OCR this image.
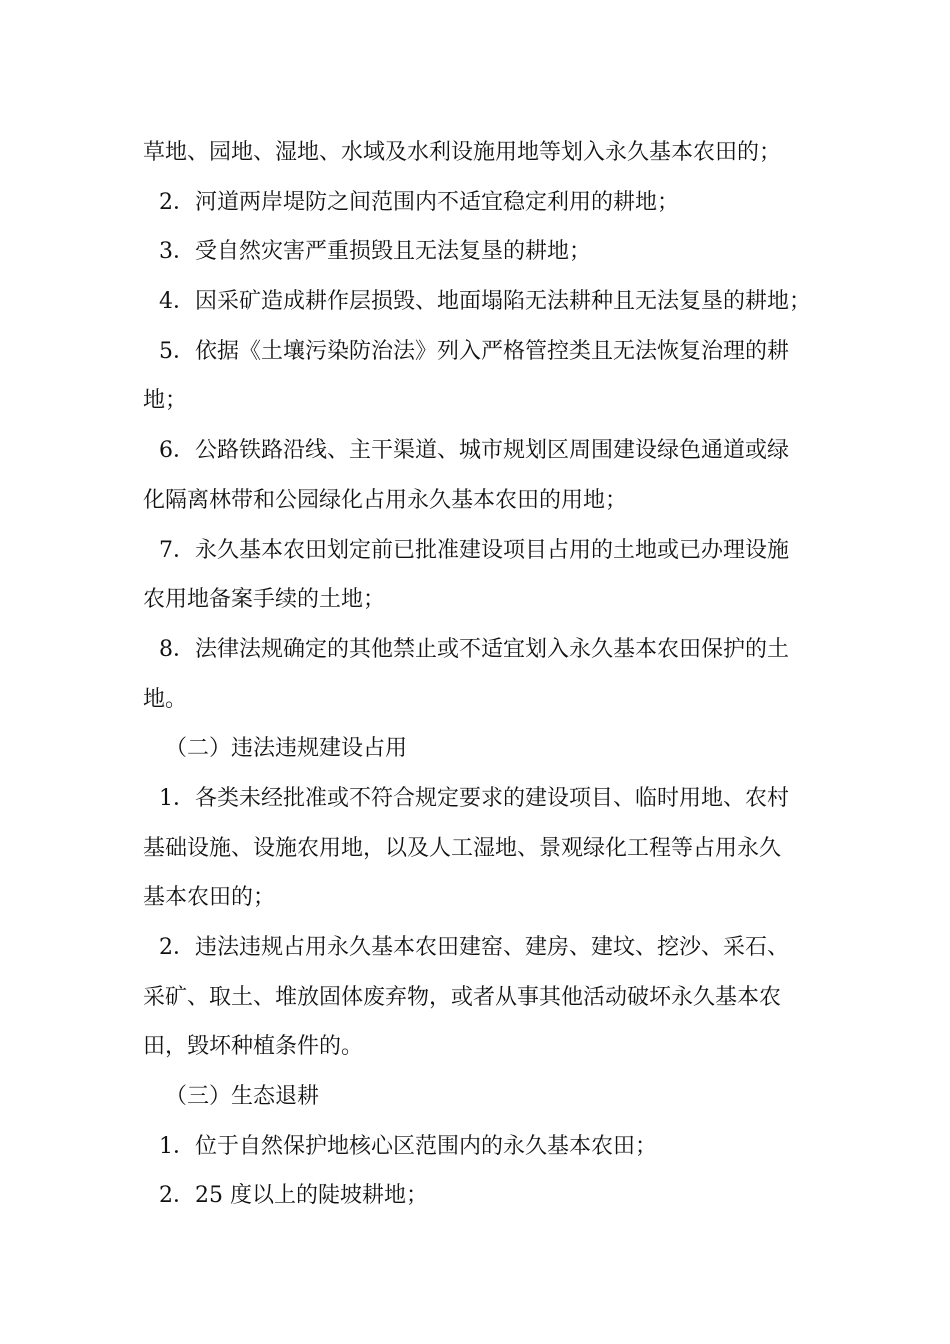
草地、园地、湿地、水域及水利设施用地等划入永久基本农田的；
2．河道两岸堤防之间范围内不适宜稳定利用的耕地；
3．受自然灾害严重损毁且无法复垦的耕地；
4．因采矿造成耕作层损毁、地面塌陷无法耕种且无法复垦的耕地；
5．依据《土壤污染防治法》列入严格管控类且无法恢复治理的耕
地；
6．公路铁路沿线、主干渠道、城市规划区周围建设绿色通道或绿
化隔离林带和公园绿化占用永久基本农田的用地；
7．永久基本农田划定前已批准建设项目占用的土地或已办理设施
农用地备案手续的土地；
8．法律法规确定的其他禁止或不适宜划入永久基本农田保护的土
地。
（二）违法违规建设占用
1．各类未经批准或不符合规定要求的建设项目、临时用地、农村
基础设施、设施农用地，以及人工湿地、景观绿化工程等占用永久
基本农田的；
2．违法违规占用永久基本农田建窑、建房、建坟、挖沙、采石、
采矿、取土、堆放固体废弃物，或者从事其他活动破坏永久基本农
田，毁坏种植条件的。
（三）生态退耕
1．位于自然保护地核心区范围内的永久基本农田；
2．25 度以上的陡坡耕地；
